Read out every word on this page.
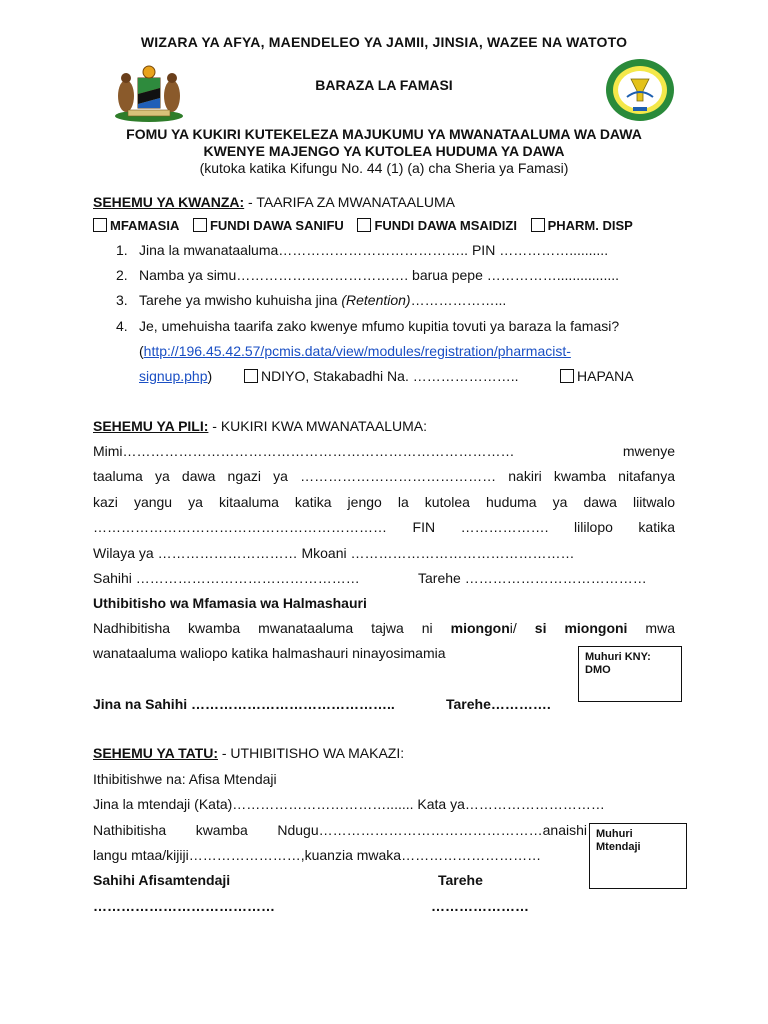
WIZARA YA AFYA, MAENDELEO YA JAMII, JINSIA, WAZEE NA WATOTO
BARAZA LA FAMASI
FOMU YA KUKIRI KUTEKELEZA MAJUKUMU YA MWANATAALUMA WA DAWA
KWENYE MAJENGO YA KUTOLEA HUDUMA YA DAWA
(kutoka katika Kifungu No. 44 (1) (a) cha Sheria ya Famasi)
SEHEMU YA KWANZA: - TAARIFA ZA MWANATAALUMA
MFAMASIA FUNDI DAWA SANIFU FUNDI DAWA MSAIDIZI PHARM. DISP
1. Jina la mwanataaluma………………………………….. PIN ……………..........
2. Namba ya simu………………………………. barua pepe ……………................
3. Tarehe ya mwisho kuhuisha jina (Retention)………………...
4. Je, umehuisha taarifa zako kwenye mfumo kupitia tovuti ya baraza la famasi?
(http://196.45.42.57/pcmis.data/view/modules/registration/pharmacist-
signup.php)	NDIYO, Stakabadhi Na. …………………..	HAPANA
SEHEMU YA PILI: - KUKIRI KWA MWANATAALUMA:
Mimi………………………………………………………………………… mwenye
taaluma ya dawa ngazi ya …………………………………… nakiri kwamba nitafanya
kazi yangu ya kitaaluma katika jengo la kutolea huduma ya dawa liitwalo
……………………………………………………… FIN ………………. lililopo katika
Wilaya ya ………………………… Mkoani …………………………………………
Sahihi …………………………………………	Tarehe …………………………………
Uthibitisho wa Mfamasia wa Halmashauri
Nadhibitisha kwamba mwanataaluma tajwa ni miongoni/ si miongoni mwa
wanataaluma waliopo katika halmashauri ninayosimamia	Muhuri KNY: DMO
Jina na Sahihi ……………………………………..	Tarehe………….
SEHEMU YA TATU: - UTHIBITISHO WA MAKAZI:
Ithibitishwe na: Afisa Mtendaji
Jina la mtendaji (Kata)……………………………....... Kata ya…………………………
Nathibitisha kwamba Ndugu…………………………………………anaishi
langu mtaa/kijiji……………………,kuanzia mwaka…………………………
Muhuri Mtendaji
Sahihi Afisamtendaji	Tarehe
…………………………………	…………………
